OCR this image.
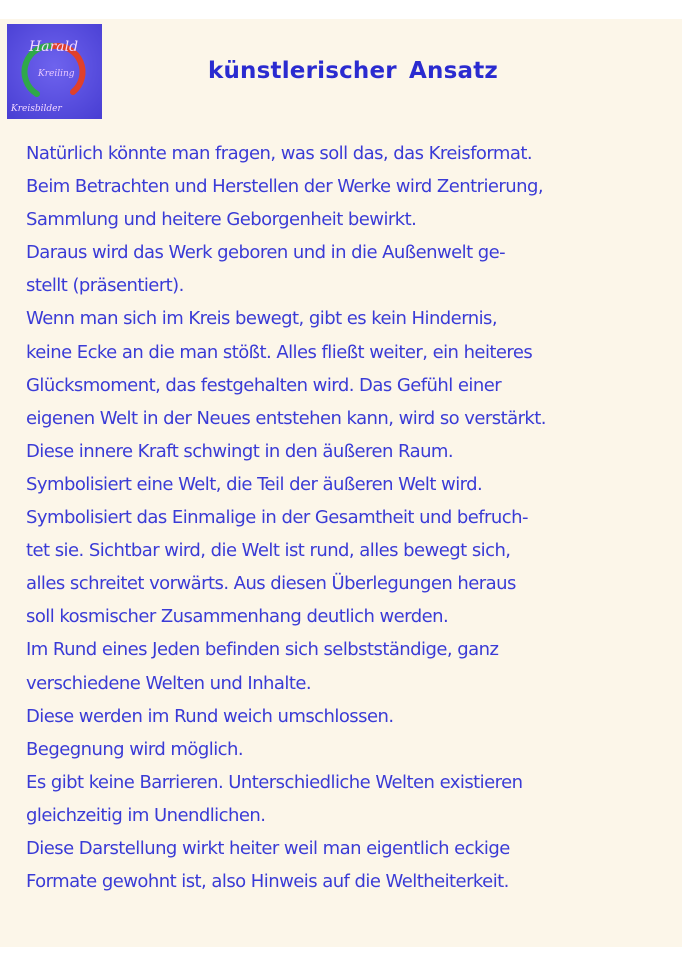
Harald
Kreiling
Kreisbilder
künstlerischer Ansatz
Natürlich könnte man fragen, was soll das, das Kreisformat.
Beim Betrachten und Herstellen der Werke wird Zentrierung,
Sammlung und heitere Geborgenheit bewirkt.
Daraus wird das Werk geboren und in die Außenwelt ge-
stellt (präsentiert).
Wenn man sich im Kreis bewegt, gibt es kein Hindernis,
keine Ecke an die man stößt. Alles fließt weiter, ein heiteres
Glücksmoment, das festgehalten wird. Das Gefühl einer
eigenen Welt in der Neues entstehen kann, wird so verstärkt.
Diese innere Kraft schwingt in den äußeren Raum.
Symbolisiert eine Welt, die Teil der äußeren Welt wird.
Symbolisiert das Einmalige in der Gesamtheit und befruch-
tet sie. Sichtbar wird, die Welt ist rund, alles bewegt sich,
alles schreitet vorwärts. Aus diesen Überlegungen heraus
soll kosmischer Zusammenhang deutlich werden.
Im Rund eines Jeden befinden sich selbstständige, ganz
verschiedene Welten und Inhalte.
Diese werden im Rund weich umschlossen.
Begegnung wird möglich.
Es gibt keine Barrieren. Unterschiedliche Welten existieren
gleichzeitig im Unendlichen.
Diese Darstellung wirkt heiter weil man eigentlich eckige
Formate gewohnt ist, also Hinweis auf die Weltheiterkeit.
